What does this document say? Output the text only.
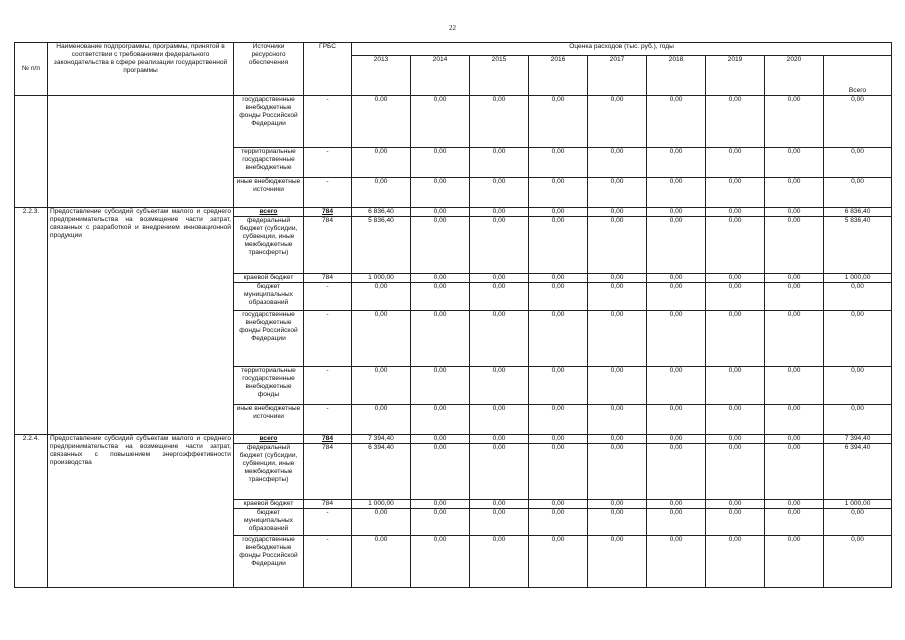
22
№ п/п	Наименование подпрограммы, программы, принятой в соответствии с требованиями федерального законодательства в сфере реализации государственной программы	Источники ресурсного обеспечения	ГРБС	Оценка расходов (тыс. руб.), годы								
				2013	2014	2015	2016	2017	2018	2019	2020	Всего
		государственные внебюджетные фонды Российской Федерации	-	0,00	0,00	0,00	0,00	0,00	0,00	0,00	0,00	0,00
		территориальные государственные внебюджетные	-	0,00	0,00	0,00	0,00	0,00	0,00	0,00	0,00	0,00
		иные внебюджетные источники	-	0,00	0,00	0,00	0,00	0,00	0,00	0,00	0,00	0,00
2.2.3.	Предоставление субсидий субъектам малого и среднего предпринимательства на возмещение части затрат, связанных с разработкой и внедрением инновационной продукции	всего	784	6 836,40	0,00	0,00	0,00	0,00	0,00	0,00	0,00	6 836,40
		федеральный бюджет (субсидии, субвенции, иные межбюджетные трансферты)	784	5 836,40	0,00	0,00	0,00	0,00	0,00	0,00	0,00	5 836,40
		краевой бюджет	784	1 000,00	0,00	0,00	0,00	0,00	0,00	0,00	0,00	1 000,00
		бюджет муниципальных образований	-	0,00	0,00	0,00	0,00	0,00	0,00	0,00	0,00	0,00
		государственные внебюджетные фонды Российской Федерации	-	0,00	0,00	0,00	0,00	0,00	0,00	0,00	0,00	0,00
		территориальные государственные внебюджетные фонды	-	0,00	0,00	0,00	0,00	0,00	0,00	0,00	0,00	0,00
		иные внебюджетные источники	-	0,00	0,00	0,00	0,00	0,00	0,00	0,00	0,00	0,00
2.2.4.	Предоставление субсидий субъектам малого и среднего предпринимательства на возмещение части затрат, связанных с повышением энергоэффективности производства	всего	784	7 394,40	0,00	0,00	0,00	0,00	0,00	0,00	0,00	7 394,40
		федеральный бюджет (субсидии, субвенции, иные межбюджетные трансферты)	784	6 394,40	0,00	0,00	0,00	0,00	0,00	0,00	0,00	6 394,40
		краевой бюджет	784	1 000,00	0,00	0,00	0,00	0,00	0,00	0,00	0,00	1 000,00
		бюджет муниципальных образований	-	0,00	0,00	0,00	0,00	0,00	0,00	0,00	0,00	0,00
		государственные внебюджетные фонды Российской Федерации	-	0,00	0,00	0,00	0,00	0,00	0,00	0,00	0,00	0,00
